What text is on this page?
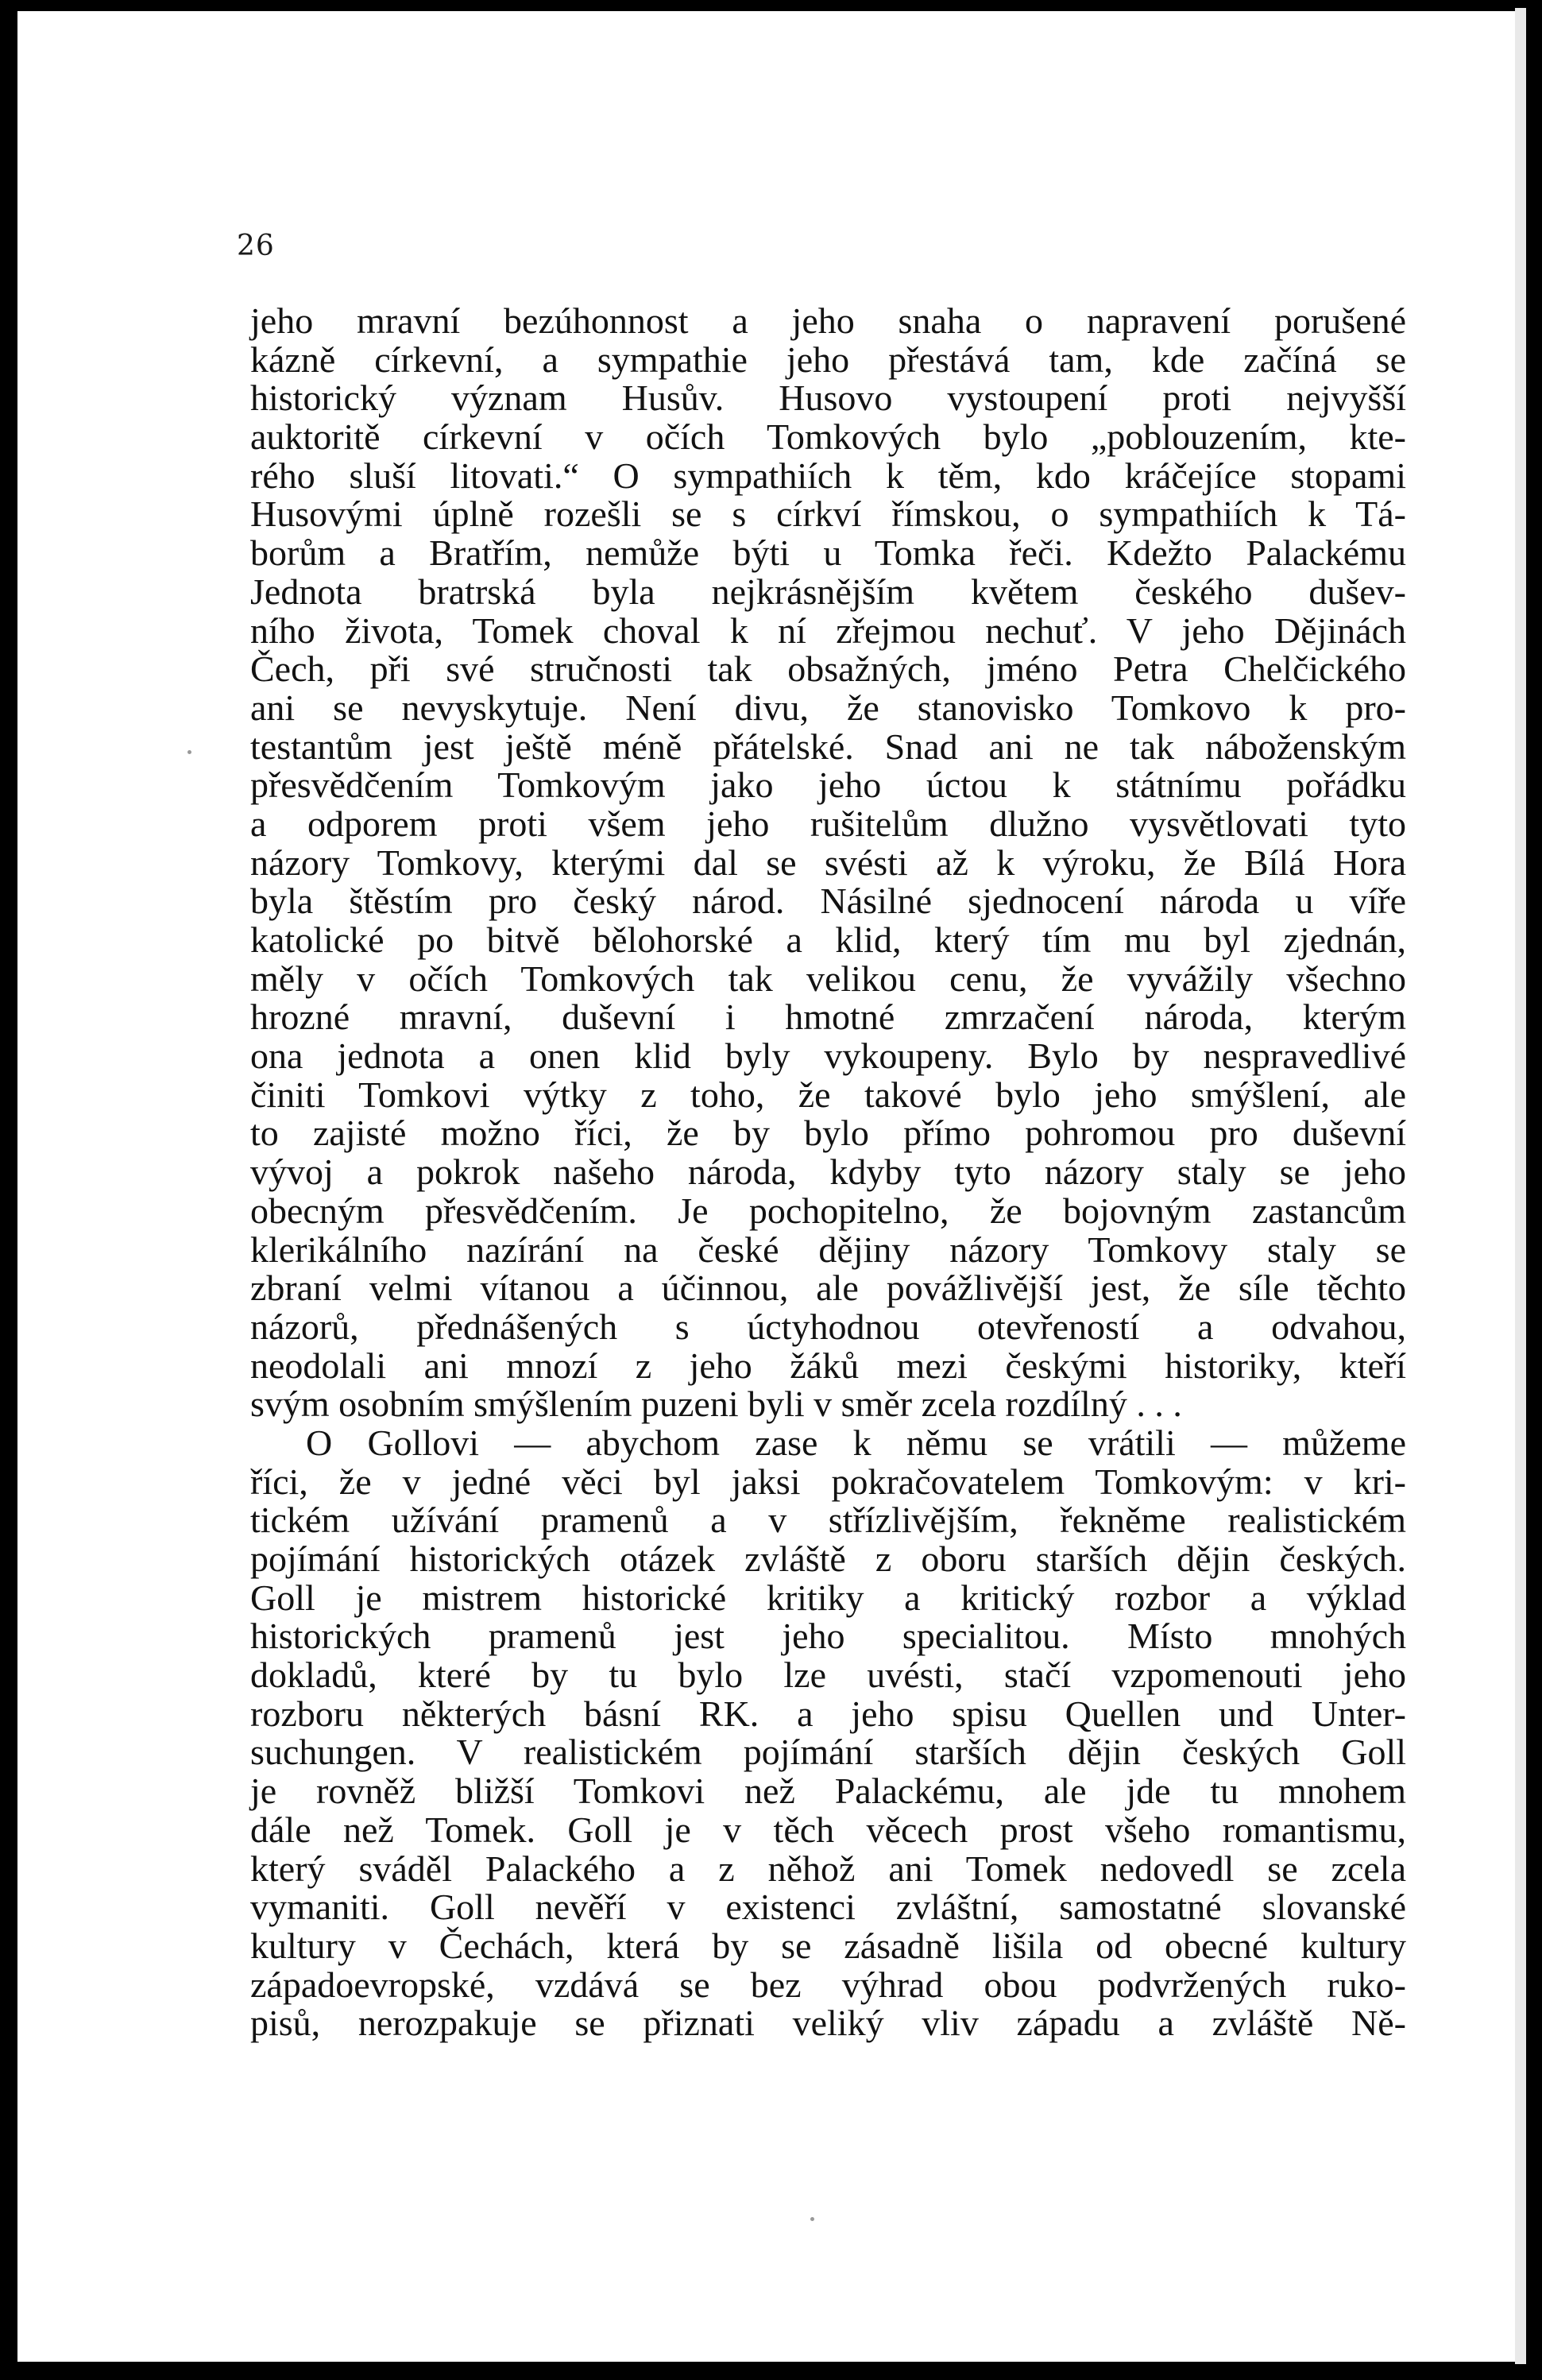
26
jeho mravní bezúhonnost a jeho snaha o napravení porušené
kázně církevní, a sympathie jeho přestává tam, kde začíná se
historický význam Husův. Husovo vystoupení proti nejvyšší
auktoritě církevní v očích Tomkových bylo „poblouzením, kte-
rého sluší litovati.“ O sympathiích k těm, kdo kráčejíce stopami
Husovými úplně rozešli se s církví římskou, o sympathiích k Tá-
borům a Bratřím, nemůže býti u Tomka řeči. Kdežto Palackému
Jednota bratrská byla nejkrásnějším květem českého dušev-
ního života, Tomek choval k ní zřejmou nechuť. V jeho Dějinách
Čech, při své stručnosti tak obsažných, jméno Petra Chelčického
ani se nevyskytuje. Není divu, že stanovisko Tomkovo k pro-
testantům jest ještě méně přátelské. Snad ani ne tak náboženským
přesvědčením Tomkovým jako jeho úctou k státnímu pořádku
a odporem proti všem jeho rušitelům dlužno vysvětlovati tyto
názory Tomkovy, kterými dal se svésti až k výroku, že Bílá Hora
byla štěstím pro český národ. Násilné sjednocení národa u víře
katolické po bitvě bělohorské a klid, který tím mu byl zjednán,
měly v očích Tomkových tak velikou cenu, že vyvážily všechno
hrozné mravní, duševní i hmotné zmrzačení národa, kterým
ona jednota a onen klid byly vykoupeny. Bylo by nespravedlivé
činiti Tomkovi výtky z toho, že takové bylo jeho smýšlení, ale
to zajisté možno říci, že by bylo přímo pohromou pro duševní
vývoj a pokrok našeho národa, kdyby tyto názory staly se jeho
obecným přesvědčením. Je pochopitelno, že bojovným zastancům
klerikálního nazírání na české dějiny názory Tomkovy staly se
zbraní velmi vítanou a účinnou, ale povážlivější jest, že síle těchto
názorů, přednášených s úctyhodnou otevřeností a odvahou,
neodolali ani mnozí z jeho žáků mezi českými historiky, kteří
svým osobním smýšlením puzeni byli v směr zcela rozdílný . . .
O Gollovi — abychom zase k němu se vrátili — můžeme
říci, že v jedné věci byl jaksi pokračovatelem Tomkovým: v kri-
tickém užívání pramenů a v střízlivějším, řekněme realistickém
pojímání historických otázek zvláště z oboru starších dějin českých.
Goll je mistrem historické kritiky a kritický rozbor a výklad
historických pramenů jest jeho specialitou. Místo mnohých
dokladů, které by tu bylo lze uvésti, stačí vzpomenouti jeho
rozboru některých básní RK. a jeho spisu Quellen und Unter-
suchungen. V realistickém pojímání starších dějin českých Goll
je rovněž bližší Tomkovi než Palackému, ale jde tu mnohem
dále než Tomek. Goll je v těch věcech prost všeho romantismu,
který sváděl Palackého a z něhož ani Tomek nedovedl se zcela
vymaniti. Goll nevěří v existenci zvláštní, samostatné slovanské
kultury v Čechách, která by se zásadně lišila od obecné kultury
západoevropské, vzdává se bez výhrad obou podvržených ruko-
pisů, nerozpakuje se přiznati veliký vliv západu a zvláště Ně-
